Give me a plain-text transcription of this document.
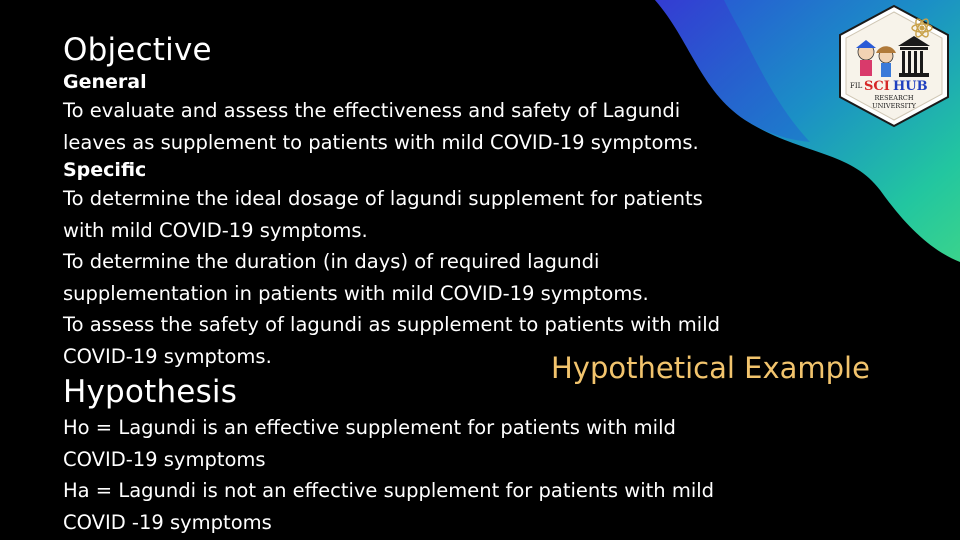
Objective
General
To evaluate and assess the effectiveness and safety of Lagundi
leaves as supplement to patients with mild COVID-19 symptoms.
Specific
To determine the ideal dosage of lagundi supplement for patients
with mild COVID-19 symptoms.
To determine the duration (in days) of required lagundi
supplementation in patients with mild COVID-19 symptoms.
To assess the safety of lagundi as supplement to patients with mild
COVID-19 symptoms.
Hypothesis
Ho = Lagundi is an effective supplement for patients with mild
COVID-19 symptoms
Ha = Lagundi is not an effective supplement for patients with mild
COVID -19 symptoms
Hypothetical Example
FIL SCI HUB
RESEARCH
UNIVERSITY
